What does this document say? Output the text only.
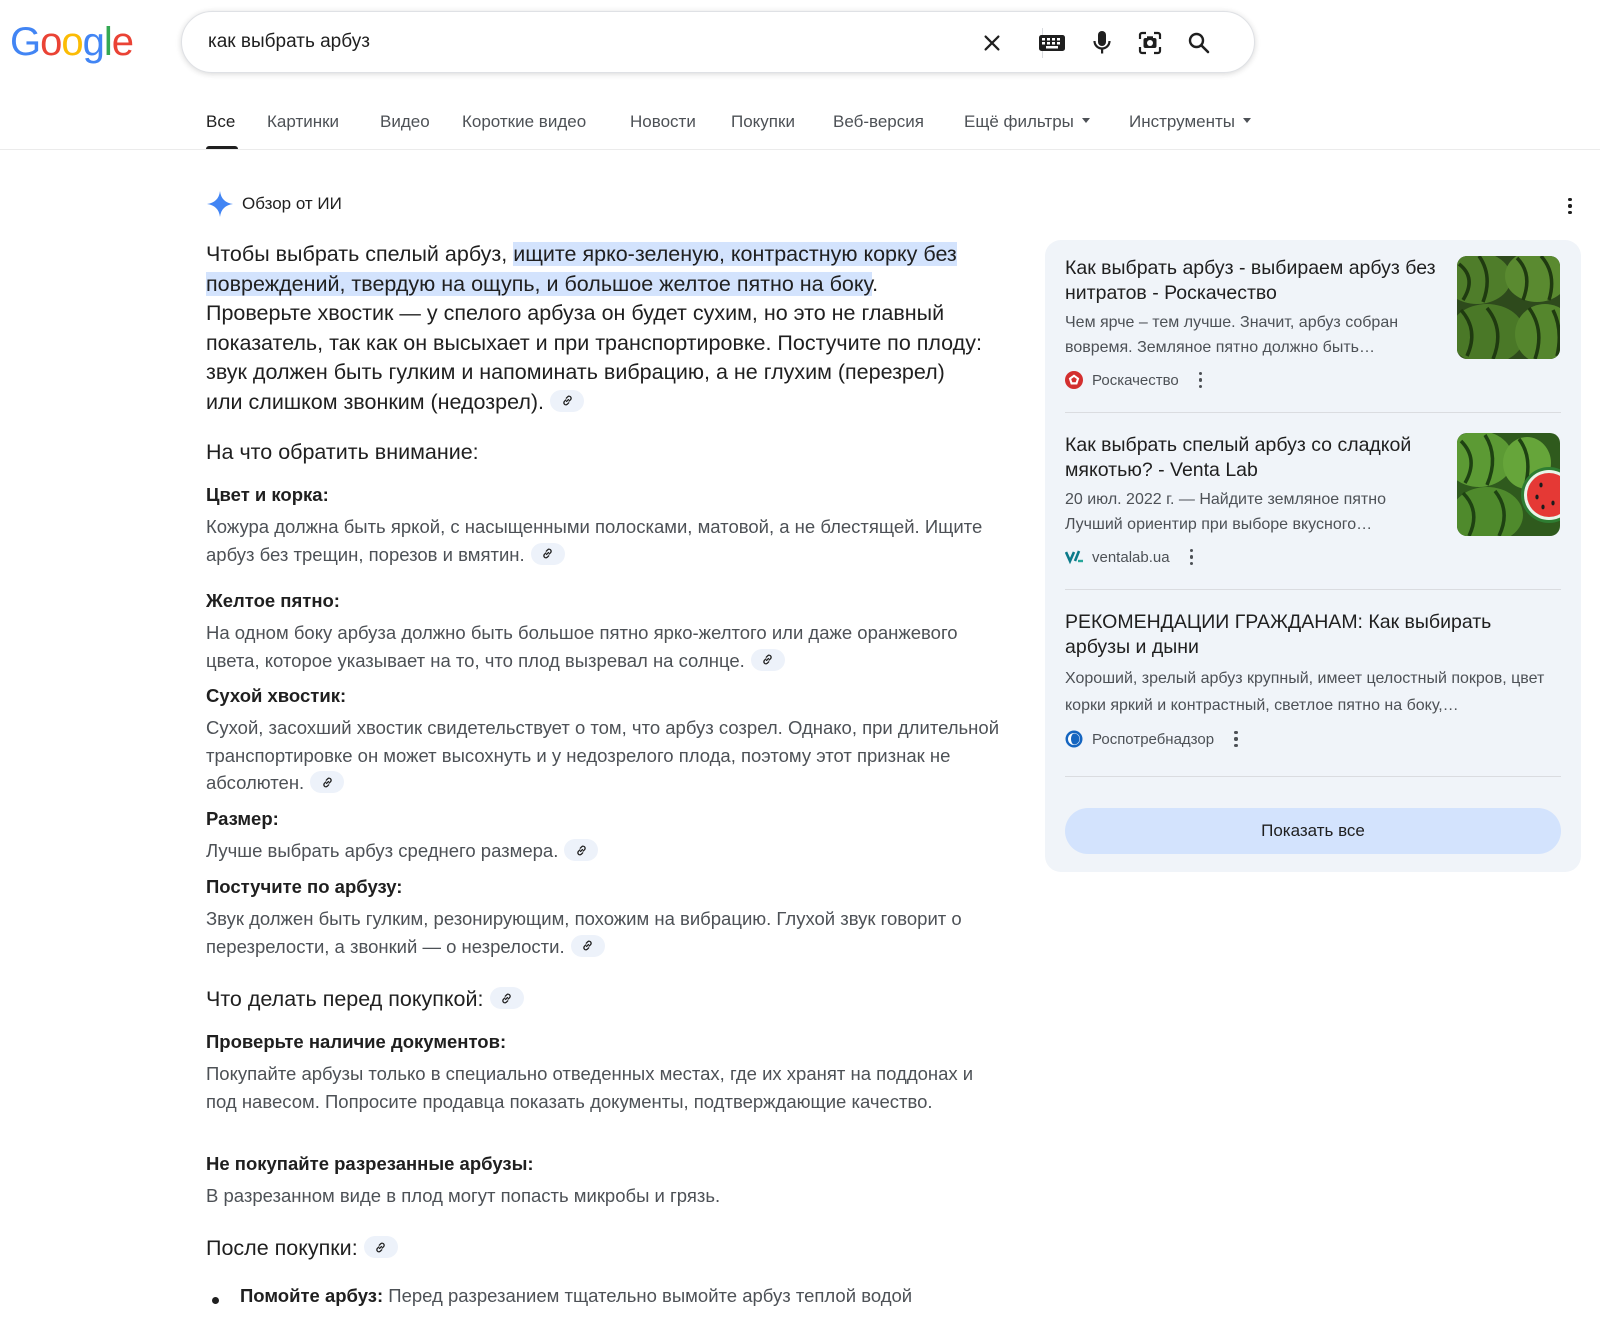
Google	как выбрать арбуз
Все Картинки Видео Короткие видео	Новости Покупки Веб-версия Ещё фильтры	Инструменты
Обзор от ИИ
Чтобы выбрать спелый арбуз, ищите ярко-зеленую, контрастную корку без повреждений, твердую на ощупь, и большое желтое пятно на боку. Проверьте хвостик — у спелого арбуза он будет сухим, но это не главный показатель, так как он высыхает и при транспортировке. Постучите по плоду: звук должен быть гулким и напоминать вибрацию, а не глухим (перезрел) или слишком звонким (недозрел).
На что обратить внимание:
Цвет и корка:
Кожура должна быть яркой, с насыщенными полосками, матовой, а не блестящей. Ищите арбуз без трещин, порезов и вмятин.
Желтое пятно:
На одном боку арбуза должно быть большое пятно ярко-желтого или даже оранжевого цвета, которое указывает на то, что плод вызревал на солнце.
Сухой хвостик:
Сухой, засохший хвостик свидетельствует о том, что арбуз созрел. Однако, при длительной транспортировке он может высохнуть и у недозрелого плода, поэтому этот признак не абсолютен.
Размер:
Лучше выбрать арбуз среднего размера.
Постучите по арбузу:
Звук должен быть гулким, резонирующим, похожим на вибрацию. Глухой звук говорит о перезрелости, а звонкий — о незрелости.
Что делать перед покупкой:
Проверьте наличие документов:
Покупайте арбузы только в специально отведенных местах, где их хранят на поддонах и под навесом. Попросите продавца показать документы, подтверждающие качество.
Не покупайте разрезанные арбузы:
В разрезанном виде в плод могут попасть микробы и грязь.
После покупки:
Помойте арбуз: Перед разрезанием тщательно вымойте арбуз теплой водой
Как выбрать арбуз - выбираем арбуз без нитратов - Роскачество
Чем ярче – тем лучше. Значит, арбуз собран вовремя. Земляное пятно должно быть…
Роскачество
Как выбрать спелый арбуз со сладкой мякотью? - Venta Lab
20 июл. 2022 г. — Найдите земляное пятно Лучший ориентир при выборе вкусного…
ventalab.ua
РЕКОМЕНДАЦИИ ГРАЖДАНАМ: Как выбирать арбузы и дыни
Хороший, зрелый арбуз крупный, имеет целостный покров, цвет корки яркий и контрастный, светлое пятно на боку,…
Роспотребнадзор
Показать все
